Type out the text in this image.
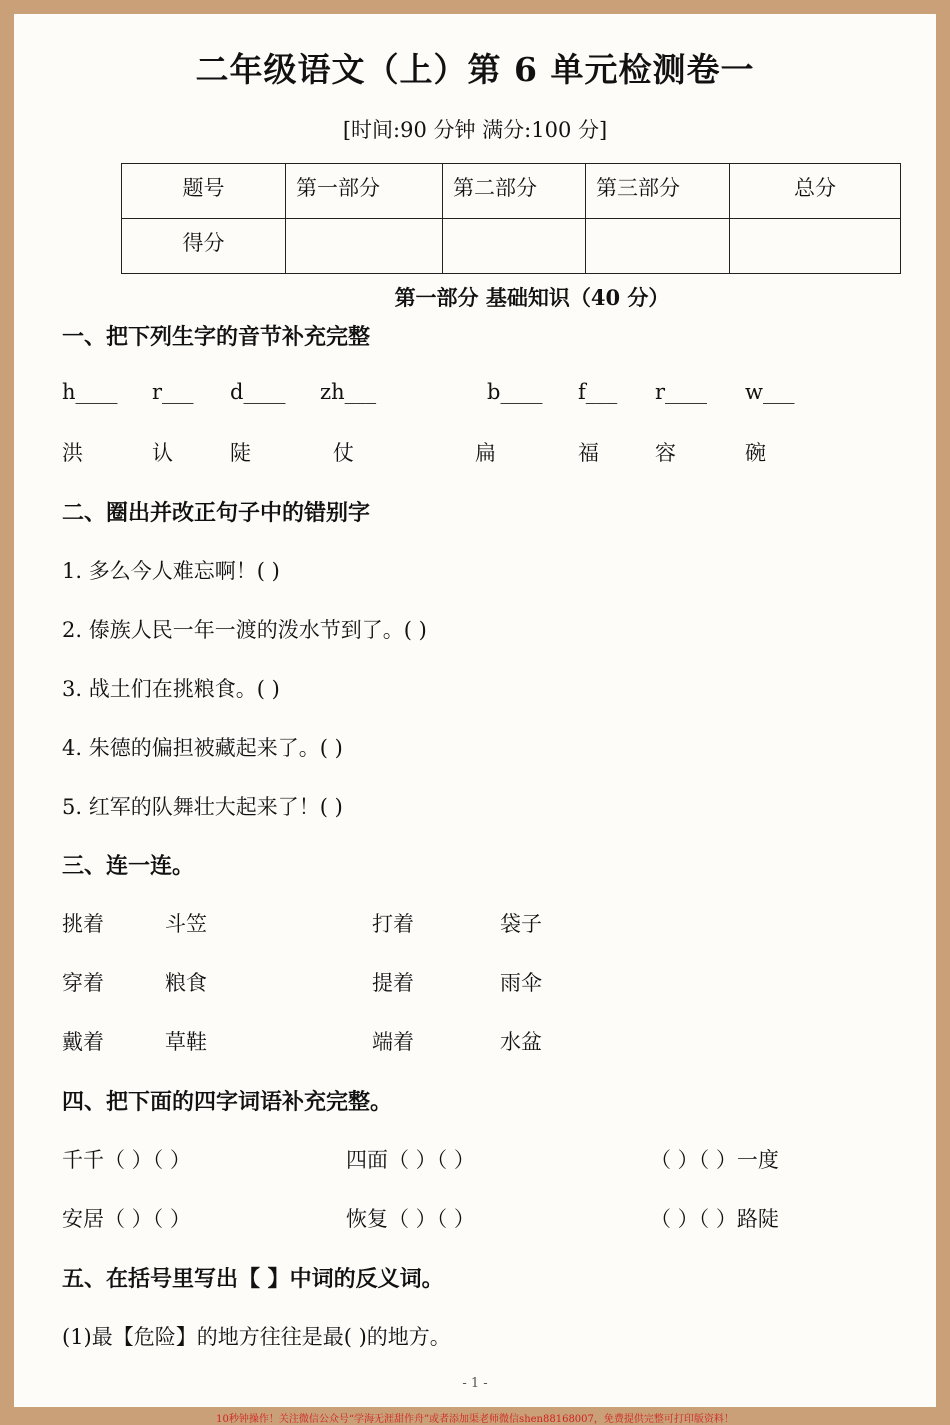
二年级语文（上）第 6 单元检测卷一
[时间:90 分钟 满分:100 分]
题号	第一部分	第二部分	第三部分	总分
得分				
第一部分 基础知识（40 分）
一、把下列生字的音节补充完整
h____ r___ d____ zh___	b____ f___ r____ w___
洪	认	陡	仗	扁	福	容	碗
二、圈出并改正句子中的错别字
1. 多么今人难忘啊！( )
2. 傣族人民一年一渡的泼水节到了。( )
3. 战土们在挑粮食。( )
4. 朱德的偏担被藏起来了。( )
5. 红军的队舞壮大起来了！( )
三、连一连。
挑着	斗笠	打着	袋子
穿着	粮食	提着	雨伞
戴着	草鞋	端着	水盆
四、把下面的四字词语补充完整。
千千（ ）（ ）	四面（ ）（ ）	（ ）（ ）一度
安居（ ）（ ）	恢复（ ）（ ）	（ ）（ ）路陡
五、在括号里写出【 】中词的反义词。
(1)最【危险】的地方往往是最( )的地方。
- 1 -
10秒钟操作！关注微信公众号“学海无涯甜作舟”或者添加渠老师微信shen88168007，免费提供完整可打印版资料！
